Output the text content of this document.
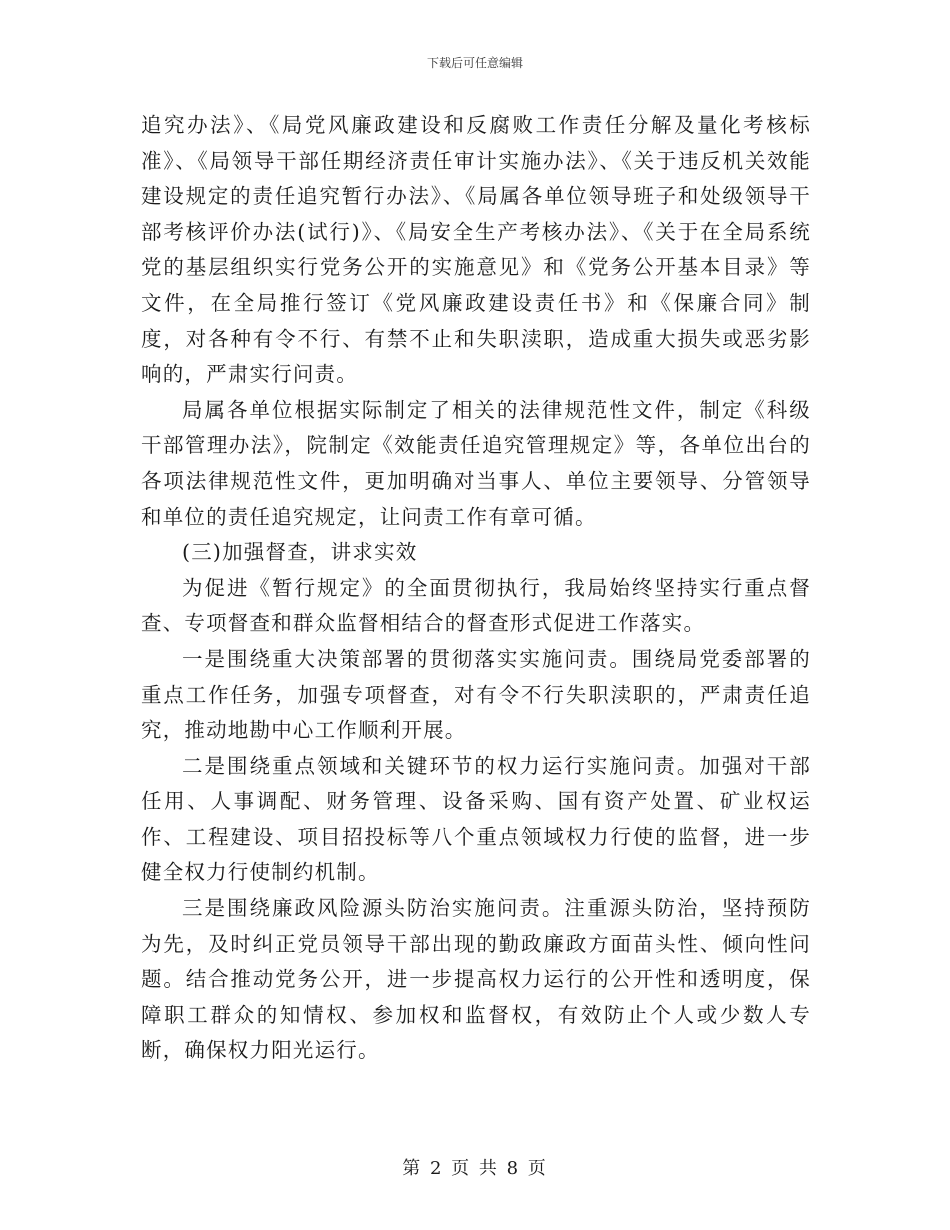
下载后可任意编辑

追究办法》、《局党风廉政建设和反腐败工作责任分解及量化考核标准》、《局领导干部任期经济责任审计实施办法》、《关于违反机关效能建设规定的责任追究暂行办法》、《局属各单位领导班子和处级领导干部考核评价办法(试行)》、《局安全生产考核办法》、《关于在全局系统党的基层组织实行党务公开的实施意见》和《党务公开基本目录》等文件，在全局推行签订《党风廉政建设责任书》和《保廉合同》制度，对各种有令不行、有禁不止和失职渎职，造成重大损失或恶劣影响的，严肃实行问责。

局属各单位根据实际制定了相关的法律规范性文件，制定《科级干部管理办法》，院制定《效能责任追究管理规定》等，各单位出台的各项法律规范性文件，更加明确对当事人、单位主要领导、分管领导和单位的责任追究规定，让问责工作有章可循。

(三)加强督查，讲求实效

为促进《暂行规定》的全面贯彻执行，我局始终坚持实行重点督查、专项督查和群众监督相结合的督查形式促进工作落实。

一是围绕重大决策部署的贯彻落实实施问责。围绕局党委部署的重点工作任务，加强专项督查，对有令不行失职渎职的，严肃责任追究，推动地勘中心工作顺利开展。

二是围绕重点领域和关键环节的权力运行实施问责。加强对干部任用、人事调配、财务管理、设备采购、国有资产处置、矿业权运作、工程建设、项目招投标等八个重点领域权力行使的监督，进一步健全权力行使制约机制。

三是围绕廉政风险源头防治实施问责。注重源头防治，坚持预防为先，及时纠正党员领导干部出现的勤政廉政方面苗头性、倾向性问题。结合推动党务公开，进一步提高权力运行的公开性和透明度，保障职工群众的知情权、参加权和监督权，有效防止个人或少数人专断，确保权力阳光运行。

第 2 页 共 8 页
